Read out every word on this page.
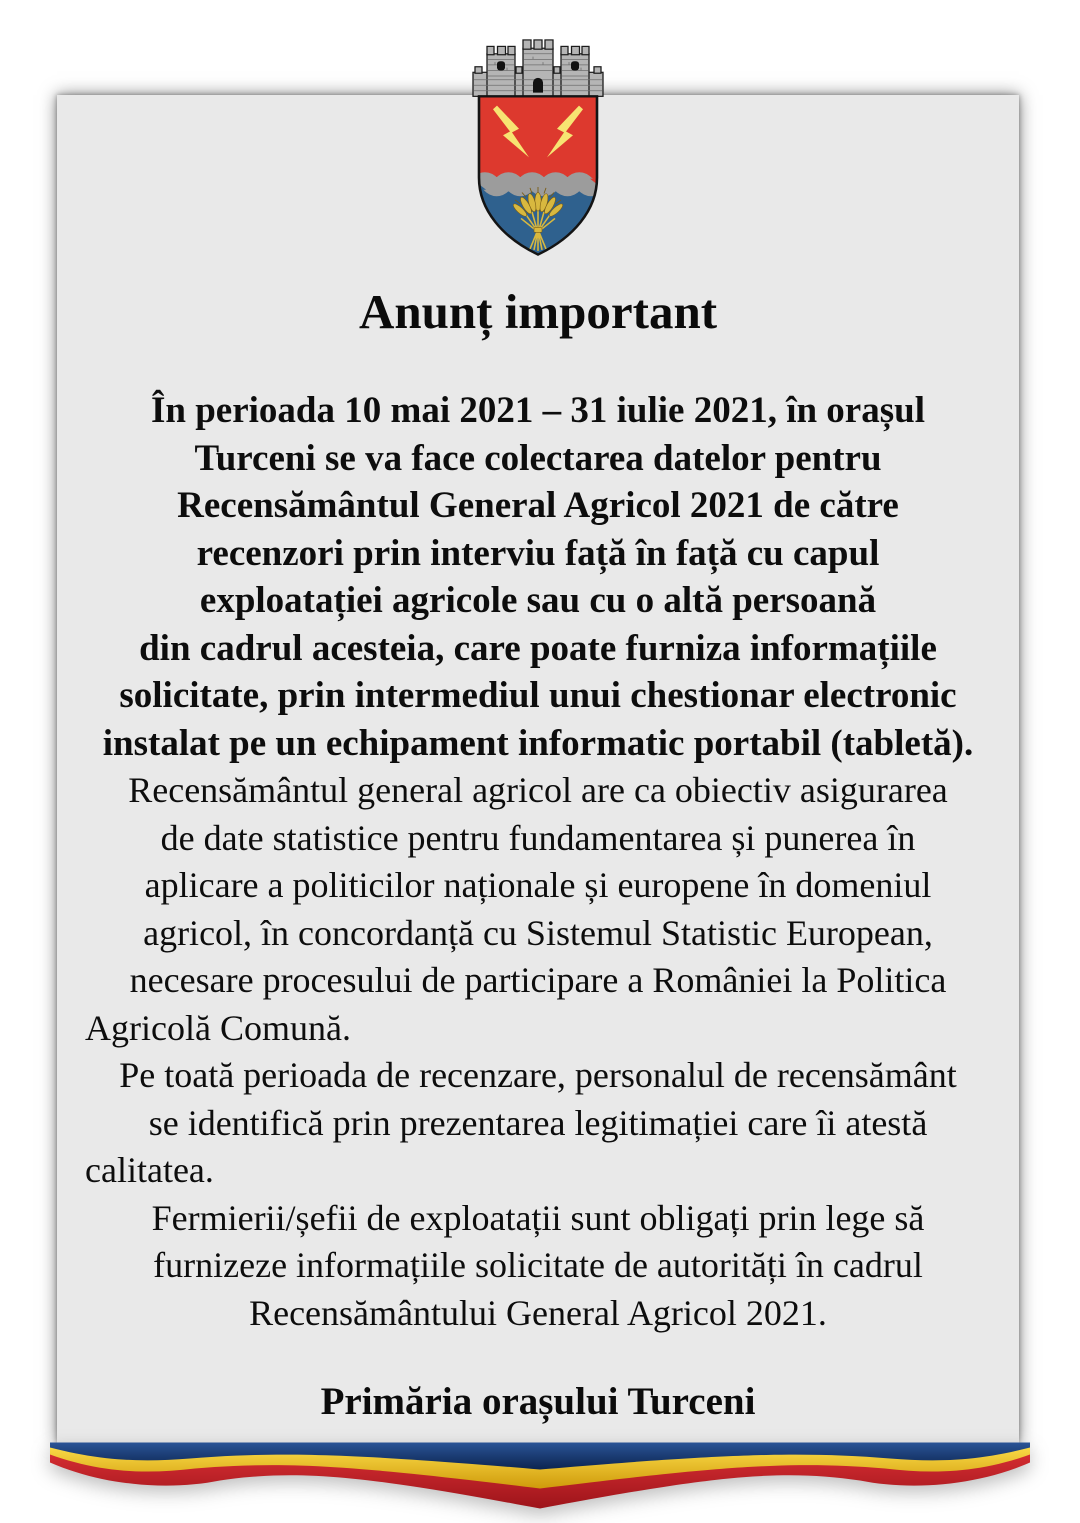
Anunț important
În perioada 10 mai 2021 – 31 iulie 2021, în orașul
Turceni se va face colectarea datelor pentru
Recensământul General Agricol 2021 de către
recenzori prin interviu față în față cu capul
exploatației agricole sau cu o altă persoană
din cadrul acesteia, care poate furniza informațiile
solicitate, prin intermediul unui chestionar electronic
instalat pe un echipament informatic portabil (tabletă).
Recensământul general agricol are ca obiectiv asigurarea
de date statistice pentru fundamentarea și punerea în
aplicare a politicilor naționale și europene în domeniul
agricol, în concordanță cu Sistemul Statistic European,
necesare procesului de participare a României la Politica
Agricolă Comună.
Pe toată perioada de recenzare, personalul de recensământ
se identifică prin prezentarea legitimației care îi atestă
calitatea.
Fermierii/șefii de exploatații sunt obligați prin lege să
furnizeze informațiile solicitate de autorități în cadrul
Recensământului General Agricol 2021.
Primăria orașului Turceni
